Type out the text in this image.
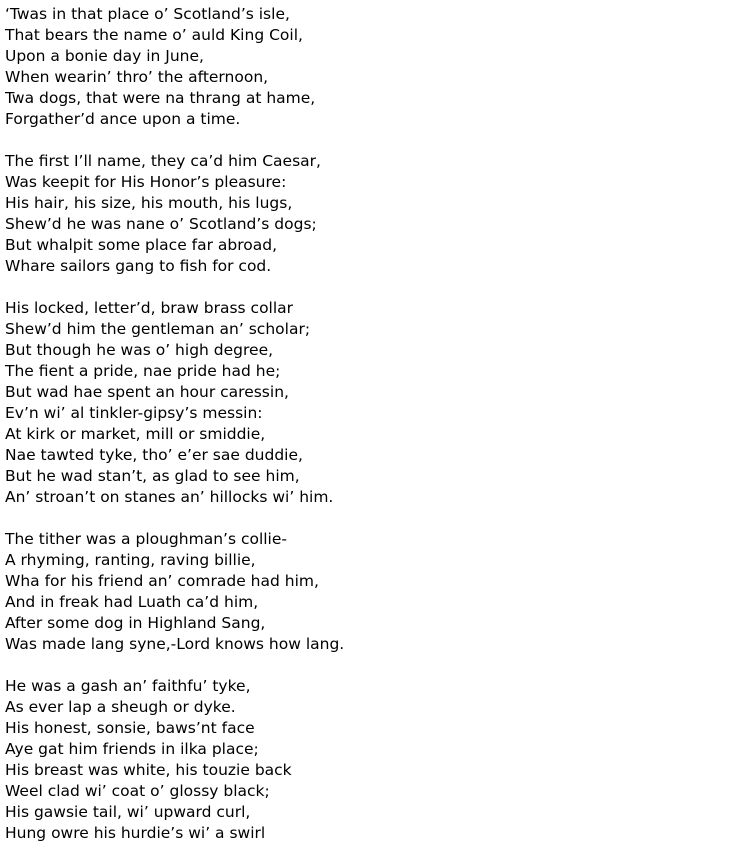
‘Twas in that place o’ Scotland’s isle,
That bears the name o’ auld King Coil,
Upon a bonie day in June,
When wearin’ thro’ the afternoon,
Twa dogs, that were na thrang at hame,
Forgather’d ance upon a time.
The first I’ll name, they ca’d him Caesar,
Was keepit for His Honor’s pleasure:
His hair, his size, his mouth, his lugs,
Shew’d he was nane o’ Scotland’s dogs;
But whalpit some place far abroad,
Whare sailors gang to fish for cod.
His locked, letter’d, braw brass collar
Shew’d him the gentleman an’ scholar;
But though he was o’ high degree,
The fient a pride, nae pride had he;
But wad hae spent an hour caressin,
Ev’n wi’ al tinkler-gipsy’s messin:
At kirk or market, mill or smiddie,
Nae tawted tyke, tho’ e’er sae duddie,
But he wad stan’t, as glad to see him,
An’ stroan’t on stanes an’ hillocks wi’ him.
The tither was a ploughman’s collie-
A rhyming, ranting, raving billie,
Wha for his friend an’ comrade had him,
And in freak had Luath ca’d him,
After some dog in Highland Sang,
Was made lang syne,-Lord knows how lang.
He was a gash an’ faithfu’ tyke,
As ever lap a sheugh or dyke.
His honest, sonsie, baws’nt face
Aye gat him friends in ilka place;
His breast was white, his touzie back
Weel clad wi’ coat o’ glossy black;
His gawsie tail, wi’ upward curl,
Hung owre his hurdie’s wi’ a swirl
